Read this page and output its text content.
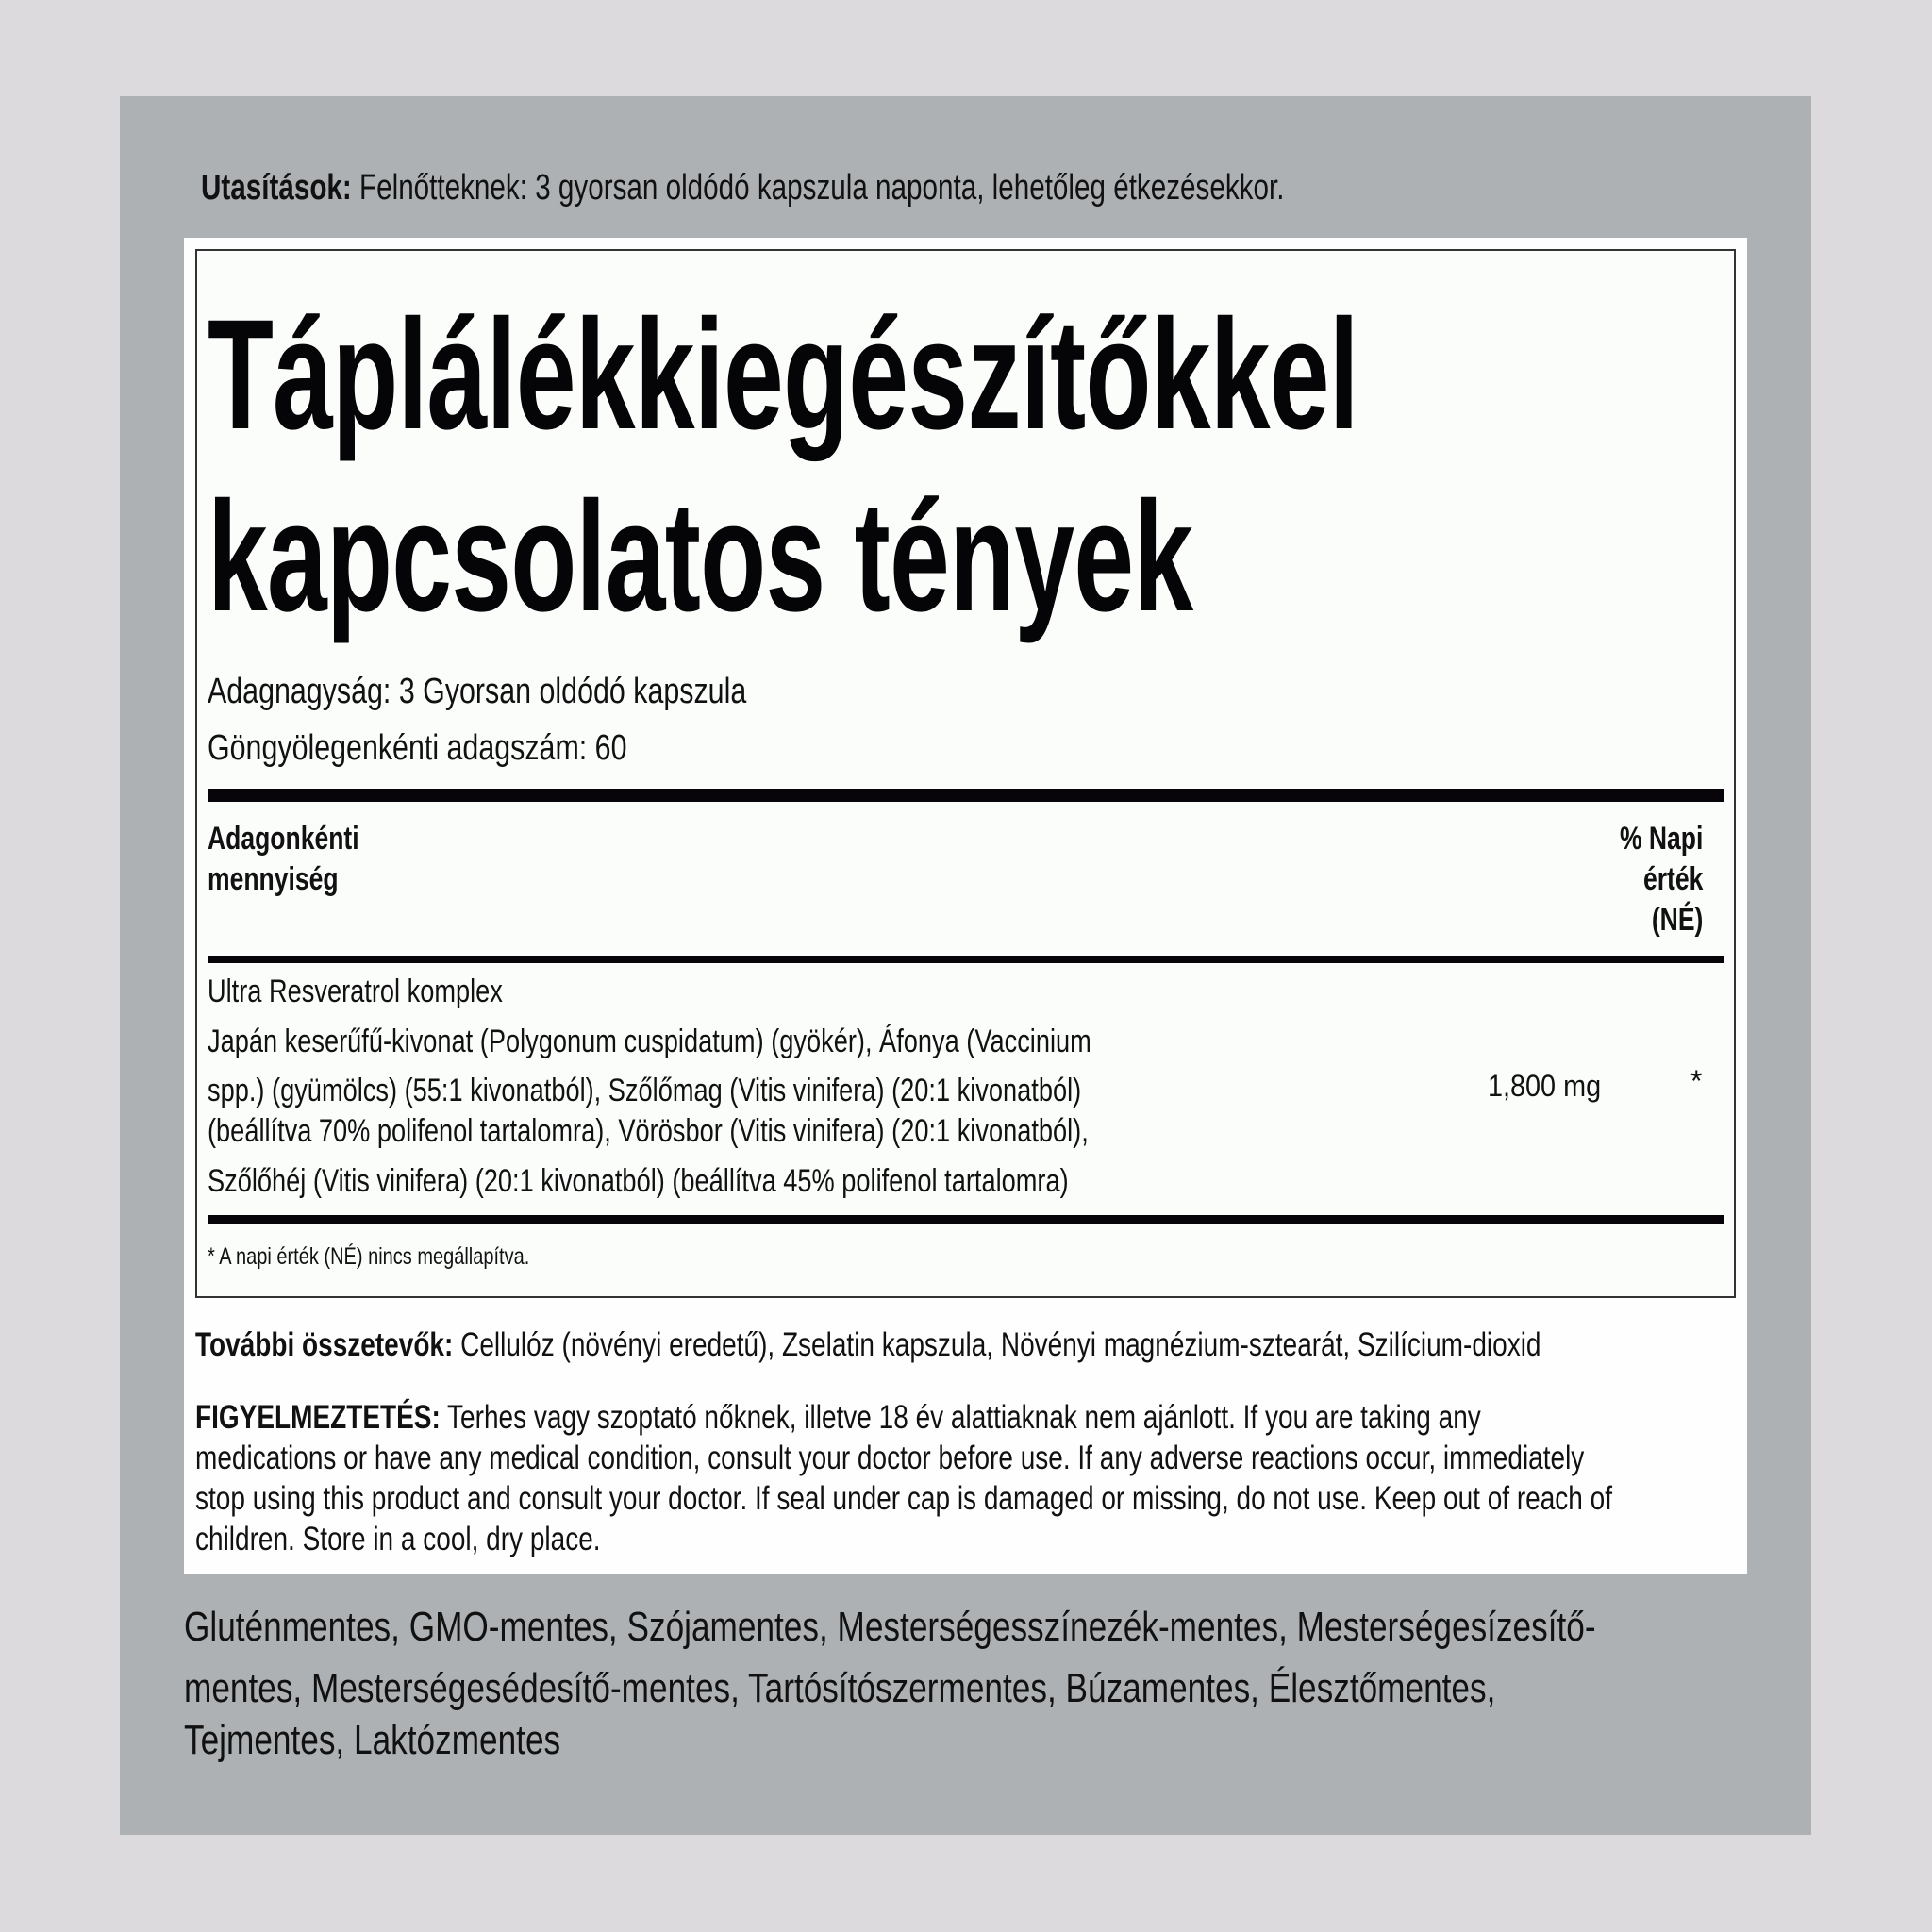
Utasítások: Felnőtteknek: 3 gyorsan oldódó kapszula naponta, lehetőleg étkezésekkor.
Táplálékkiegészítőkkel
kapcsolatos tények
Adagnagyság: 3 Gyorsan oldódó kapszula
Göngyölegenkénti adagszám: 60
Adagonkénti
mennyiség
% Napi
érték
(NÉ)
Ultra Resveratrol komplex
Japán keserűfű-kivonat (Polygonum cuspidatum) (gyökér), Áfonya (Vaccinium
spp.) (gyümölcs) (55:1 kivonatból), Szőlőmag (Vitis vinifera) (20:1 kivonatból)
(beállítva 70% polifenol tartalomra), Vörösbor (Vitis vinifera) (20:1 kivonatból),
Szőlőhéj (Vitis vinifera) (20:1 kivonatból) (beállítva 45% polifenol tartalomra)
1,800 mg	*
* A napi érték (NÉ) nincs megállapítva.
További összetevők: Cellulóz (növényi eredetű), Zselatin kapszula, Növényi magnézium-sztearát, Szilícium-dioxid
FIGYELMEZTETÉS: Terhes vagy szoptató nőknek, illetve 18 év alattiaknak nem ajánlott. If you are taking any
medications or have any medical condition, consult your doctor before use. If any adverse reactions occur, immediately
stop using this product and consult your doctor. If seal under cap is damaged or missing, do not use. Keep out of reach of
children. Store in a cool, dry place.
Gluténmentes, GMO-mentes, Szójamentes, Mesterségesszínezék-mentes, Mesterségesízesítő-
mentes, Mesterségesédesítő-mentes, Tartósítószermentes, Búzamentes, Élesztőmentes,
Tejmentes, Laktózmentes
